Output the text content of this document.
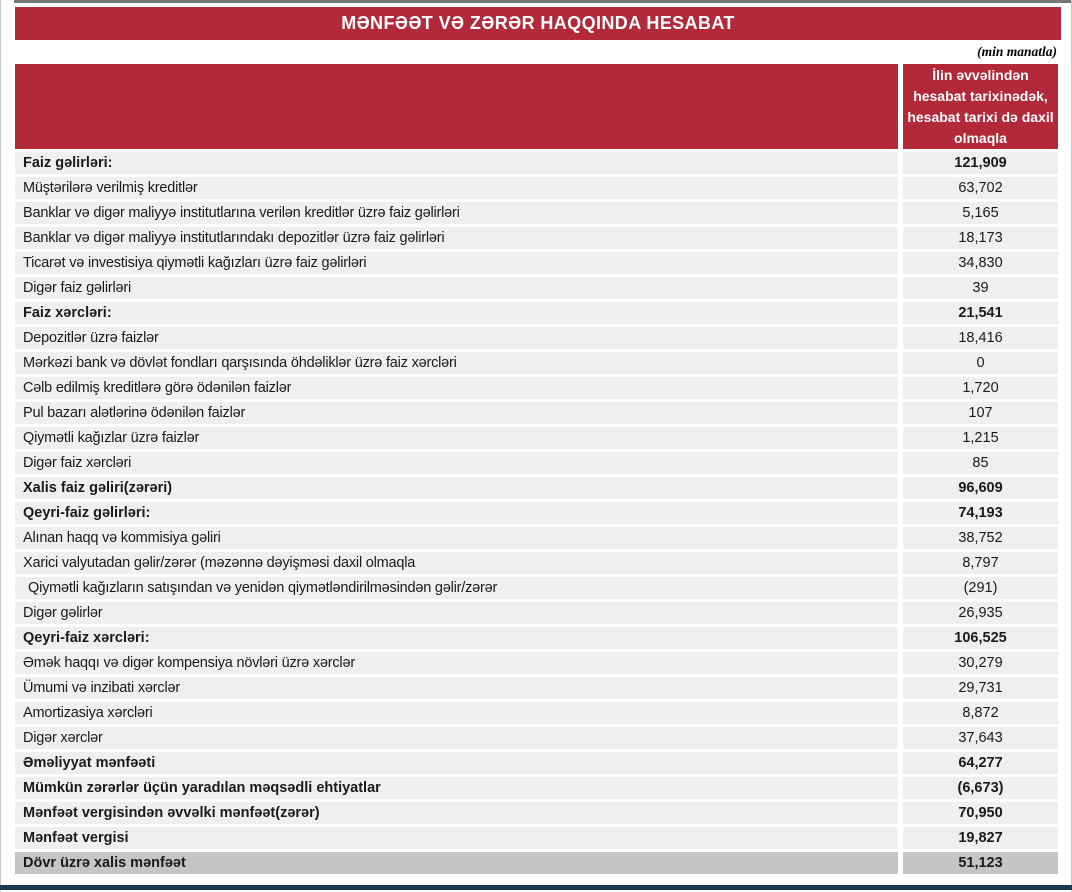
MƏNFƏƏT VƏ ZƏRƏR HAQQINDA HESABAT
(min manatla)
İlin əvvəlindən hesabat tarixinədək, hesabat tarixi də daxil olmaqla
Faiz gəlirləri:	121,909
Müştərilərə verilmiş kreditlər	63,702
Banklar və digər maliyyə institutlarına verilən kreditlər üzrə faiz gəlirləri	5,165
Banklar və digər maliyyə institutlarındakı depozitlər üzrə faiz gəlirləri	18,173
Ticarət və investisiya qiymətli kağızları üzrə faiz gəlirləri	34,830
Digər faiz gəlirləri	39
Faiz xərcləri:	21,541
Depozitlər üzrə faizlər	18,416
Mərkəzi bank və dövlət fondları qarşısında öhdəliklər üzrə faiz xərcləri	0
Cəlb edilmiş kreditlərə görə ödənilən faizlər	1,720
Pul bazarı alətlərinə ödənilən faizlər	107
Qiymətli kağızlar üzrə faizlər	1,215
Digər faiz xərcləri	85
Xalis faiz gəliri(zərəri)	96,609
Qeyri-faiz gəlirləri:	74,193
Alınan haqq və kommisiya gəliri	38,752
Xarici valyutadan gəlir/zərər (məzənnə dəyişməsi daxil olmaqla	8,797
Qiymətli kağızların satışından və yenidən qiymətləndirilməsindən gəlir/zərər	(291)
Digər gəlirlər	26,935
Qeyri-faiz xərcləri:	106,525
Əmək haqqı və digər kompensiya növləri üzrə xərclər	30,279
Ümumi və inzibati xərclər	29,731
Amortizasiya xərcləri	8,872
Digər xərclər	37,643
Əməliyyat mənfəəti	64,277
Mümkün zərərlər üçün yaradılan məqsədli ehtiyatlar	(6,673)
Mənfəət vergisindən əvvəlki mənfəət(zərər)	70,950
Mənfəət vergisi	19,827
Dövr üzrə xalis mənfəət	51,123
